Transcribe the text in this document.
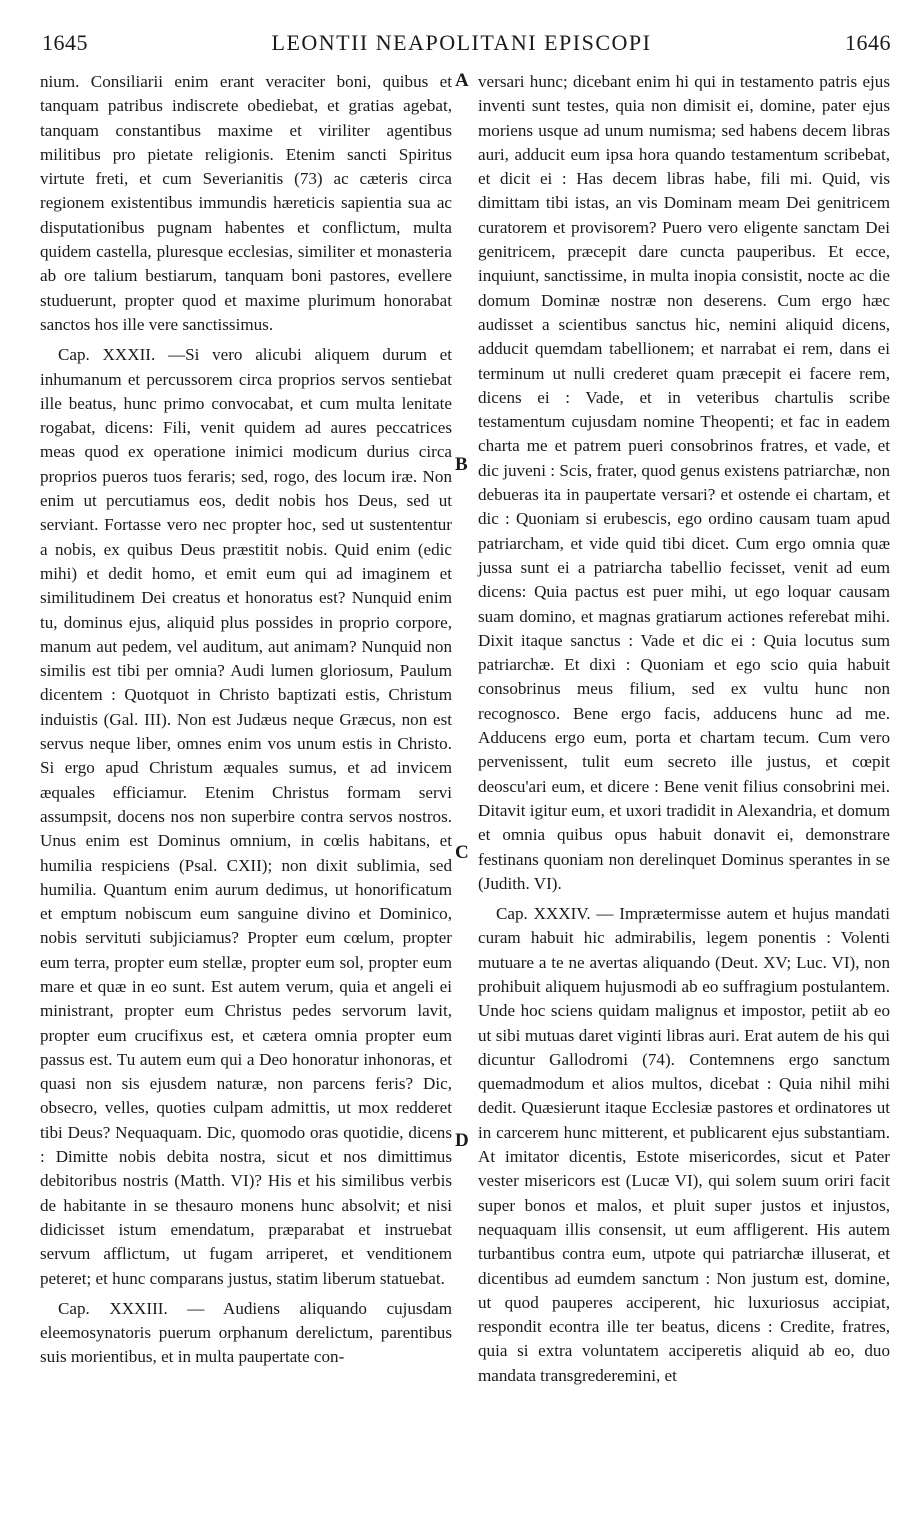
1645	LEONTII NEAPOLITANI EPISCOPI	1646

nium. Consiliarii enim erant veraciter boni, quibus et tanquam patribus indiscrete obediebat, et gratias agebat, tanquam constantibus maxime et viriliter agentibus militibus pro pietate religionis. Etenim sancti Spiritus virtute freti, et cum Severianitis (73) ac cæteris circa regionem existentibus immundis hæreticis sapientia sua ac disputationibus pugnam habentes et conflictum, multa quidem castella, pluresque ecclesias, similiter et monasteria ab ore talium bestiarum, tanquam boni pastores, evellere studuerunt, propter quod et maxime plurimum honorabat sanctos hos ille vere sanctissimus.

Cap. XXXII. —Si vero alicubi aliquem durum et inhumanum et percussorem circa proprios servos sentiebat ille beatus, hunc primo convocabat, et cum multa lenitate rogabat, dicens: Fili, venit quidem ad aures peccatrices meas quod ex operatione inimici modicum durius circa proprios pueros tuos feraris; sed, rogo, des locum iræ. Non enim ut percutiamus eos, dedit nobis hos Deus, sed ut serviant. Fortasse vero nec propter hoc, sed ut sustententur a nobis, ex quibus Deus præstitit nobis. Quid enim (edic mihi) et dedit homo, et emit eum qui ad imaginem et similitudinem Dei creatus et honoratus est? Nunquid enim tu, dominus ejus, aliquid plus possides in proprio corpore, manum aut pedem, vel auditum, aut animam? Nunquid non similis est tibi per omnia? Audi lumen gloriosum, Paulum dicentem : Quotquot in Christo baptizati estis, Christum induistis (Gal. III). Non est Judæus neque Græcus, non est servus neque liber, omnes enim vos unum estis in Christo. Si ergo apud Christum æquales sumus, et ad invicem æquales efficiamur. Etenim Christus formam servi assumpsit, docens nos non superbire contra servos nostros. Unus enim est Dominus omnium, in cœlis habitans, et humilia respiciens (Psal. CXII); non dixit sublimia, sed humilia. Quantum enim aurum dedimus, ut honorificatum et emptum nobiscum eum sanguine divino et Dominico, nobis servituti subjiciamus? Propter eum cœlum, propter eum terra, propter eum stellæ, propter eum sol, propter eum mare et quæ in eo sunt. Est autem verum, quia et angeli ei ministrant, propter eum Christus pedes servorum lavit, propter eum crucifixus est, et cætera omnia propter eum passus est. Tu autem eum qui a Deo honoratur inhonoras, et quasi non sis ejusdem naturæ, non parcens feris? Dic, obsecro, velles, quoties culpam admittis, ut mox redderet tibi Deus? Nequaquam. Dic, quomodo oras quotidie, dicens : Dimitte nobis debita nostra, sicut et nos dimittimus debitoribus nostris (Matth. VI)? His et his similibus verbis de habitante in se thesauro monens hunc absolvit; et nisi didicisset istum emendatum, præparabat et instruebat servum afflictum, ut fugam arriperet, et venditionem peteret; et hunc comparans justus, statim liberum statuebat.

Cap. XXXIII. — Audiens aliquando cujusdam eleemosynatoris puerum orphanum derelictum, parentibus suis morientibus, et in multa paupertate con-

A
B
C
D

versari hunc; dicebant enim hi qui in testamento patris ejus inventi sunt testes, quia non dimisit ei, domine, pater ejus moriens usque ad unum numisma; sed habens decem libras auri, adducit eum ipsa hora quando testamentum scribebat, et dicit ei : Has decem libras habe, fili mi. Quid, vis dimittam tibi istas, an vis Dominam meam Dei genitricem curatorem et provisorem? Puero vero eligente sanctam Dei genitricem, præcepit dare cuncta pauperibus. Et ecce, inquiunt, sanctissime, in multa inopia consistit, nocte ac die domum Dominæ nostræ non deserens. Cum ergo hæc audisset a scientibus sanctus hic, nemini aliquid dicens, adducit quemdam tabellionem; et narrabat ei rem, dans ei terminum ut nulli crederet quam præcepit ei facere rem, dicens ei : Vade, et in veteribus chartulis scribe testamentum cujusdam nomine Theopenti; et fac in eadem charta me et patrem pueri consobrinos fratres, et vade, et dic juveni : Scis, frater, quod genus existens patriarchæ, non debueras ita in paupertate versari? et ostende ei chartam, et dic : Quoniam si erubescis, ego ordino causam tuam apud patriarcham, et vide quid tibi dicet. Cum ergo omnia quæ jussa sunt ei a patriarcha tabellio fecisset, venit ad eum dicens: Quia pactus est puer mihi, ut ego loquar causam suam domino, et magnas gratiarum actiones referebat mihi. Dixit itaque sanctus : Vade et dic ei : Quia locutus sum patriarchæ. Et dixi : Quoniam et ego scio quia habuit consobrinus meus filium, sed ex vultu hunc non recognosco. Bene ergo facis, adducens hunc ad me. Adducens ergo eum, porta et chartam tecum. Cum vero pervenissent, tulit eum secreto ille justus, et cœpit deoscu'ari eum, et dicere : Bene venit filius consobrini mei. Ditavit igitur eum, et uxori tradidit in Alexandria, et domum et omnia quibus opus habuit donavit ei, demonstrare festinans quoniam non derelinquet Dominus sperantes in se (Judith. VI).

Cap. XXXIV. — Imprætermisse autem et hujus mandati curam habuit hic admirabilis, legem ponentis : Volenti mutuare a te ne avertas aliquando (Deut. XV; Luc. VI), non prohibuit aliquem hujusmodi ab eo suffragium postulantem. Unde hoc sciens quidam malignus et impostor, petiit ab eo ut sibi mutuas daret viginti libras auri. Erat autem de his qui dicuntur Gallodromi (74). Contemnens ergo sanctum quemadmodum et alios multos, dicebat : Quia nihil mihi dedit. Quæsierunt itaque Ecclesiæ pastores et ordinatores ut in carcerem hunc mitterent, et publicarent ejus substantiam. At imitator dicentis, Estote misericordes, sicut et Pater vester misericors est (Lucæ VI), qui solem suum oriri facit super bonos et malos, et pluit super justos et injustos, nequaquam illis consensit, ut eum affligerent. His autem turbantibus contra eum, utpote qui patriarchæ illuserat, et dicentibus ad eumdem sanctum : Non justum est, domine, ut quod pauperes acciperent, hic luxuriosus accipiat, respondit econtra ille ter beatus, dicens : Credite, fratres, quia si extra voluntatem acciperetis aliquid ab eo, duo mandata transgrederemini, et
